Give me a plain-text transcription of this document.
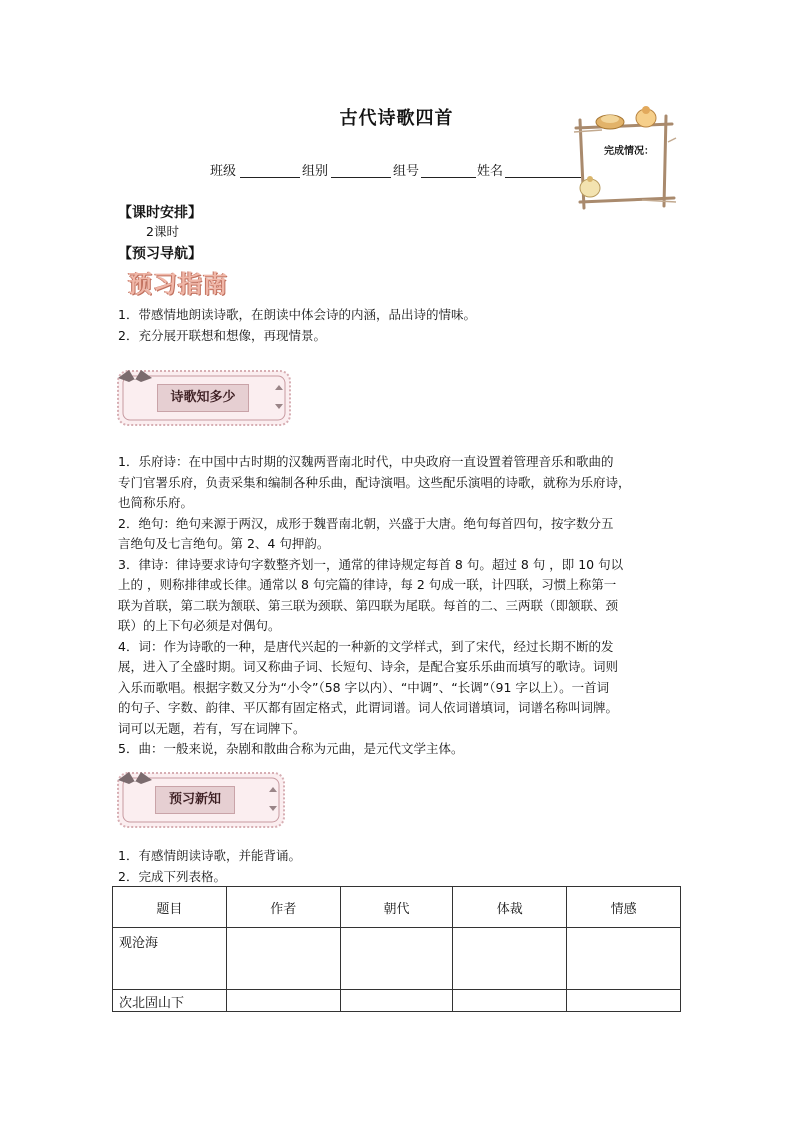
古代诗歌四首
班级	组别	组号	姓名
完成情况：
【课时安排】
2课时
【预习导航】
预习指南

1．带感情地朗读诗歌，在朗读中体会诗的内涵，品出诗的情味。

2．充分展开联想和想像，再现情景。

诗歌知多少

1．乐府诗：在中国中古时期的汉魏两晋南北时代，中央政府一直设置着管理音乐和歌曲的

专门官署乐府，负责采集和编制各种乐曲，配诗演唱。这些配乐演唱的诗歌，就称为乐府诗，

也简称乐府。

2．绝句：绝句来源于两汉，成形于魏晋南北朝，兴盛于大唐。绝句每首四句，按字数分五

言绝句及七言绝句。第 2、4 句押韵。

3．律诗：律诗要求诗句字数整齐划一，通常的律诗规定每首 8 句。超过 8 句 ，即 10 句以

上的 ，则称排律或长律。通常以 8 句完篇的律诗，每 2 句成一联，计四联，习惯上称第一

联为首联，第二联为颔联、第三联为颈联、第四联为尾联。每首的二、三两联（即颔联、颈

联）的上下句必须是对偶句。

4．词：作为诗歌的一种，是唐代兴起的一种新的文学样式，到了宋代，经过长期不断的发

展，进入了全盛时期。词又称曲子词、长短句、诗余，是配合宴乐乐曲而填写的歌诗。词则

入乐而歌唱。根据字数又分为“小令”（58 字以内）、“中调”、“长调”（91 字以上）。一首词

的句子、字数、韵律、平仄都有固定格式，此谓词谱。词人依词谱填词，词谱名称叫词牌。

词可以无题，若有，写在词牌下。

5．曲：一般来说，杂剧和散曲合称为元曲，是元代文学主体。

预习新知

1．有感情朗读诗歌，并能背诵。

2．完成下列表格。

题目	作者	朝代	体裁	情感
观沧海				
次北固山下				
